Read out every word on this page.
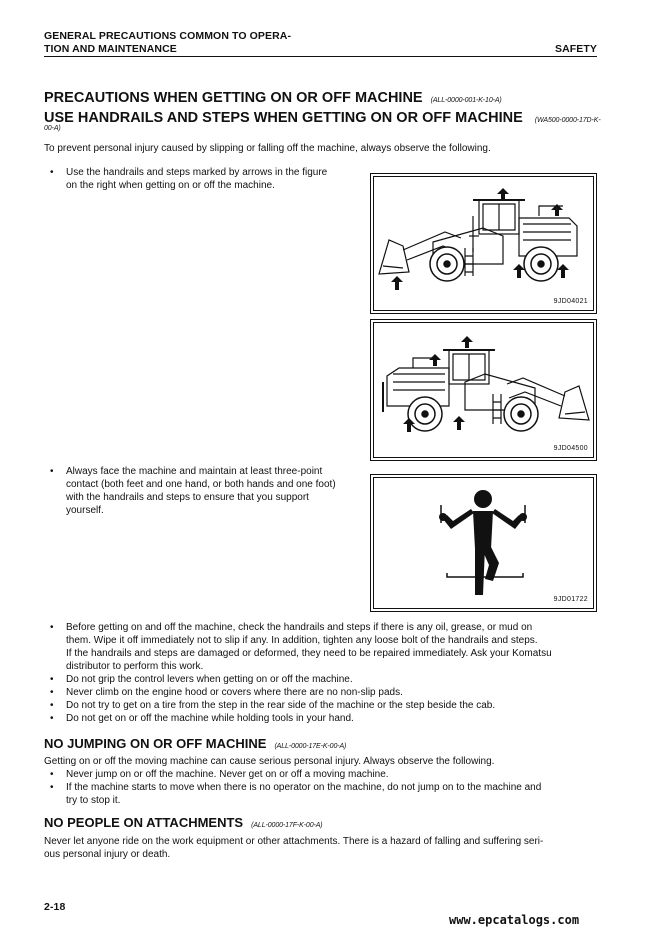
GENERAL PRECAUTIONS COMMON TO OPERA-
TION AND MAINTENANCE	SAFETY
PRECAUTIONS WHEN GETTING ON OR OFF MACHINE (ALL-0000-001-K-10-A)
USE HANDRAILS AND STEPS WHEN GETTING ON OR OFF MACHINE (WA500-0000-17D-K-
00-A)
To prevent personal injury caused by slipping or falling off the machine, always observe the following.
• Use the handrails and steps marked by arrows in the figure
on the right when getting on or off the machine.
9JD04021
9JD04500
• Always face the machine and maintain at least three-point
contact (both feet and one hand, or both hands and one foot)
with the handrails and steps to ensure that you support
yourself.
9JD01722
• Before getting on and off the machine, check the handrails and steps if there is any oil, grease, or mud on
them. Wipe it off immediately not to slip if any. In addition, tighten any loose bolt of the handrails and steps.
If the handrails and steps are damaged or deformed, they need to be repaired immediately. Ask your Komatsu
distributor to perform this work.
• Do not grip the control levers when getting on or off the machine.
• Never climb on the engine hood or covers where there are no non-slip pads.
• Do not try to get on a tire from the step in the rear side of the machine or the step beside the cab.
• Do not get on or off the machine while holding tools in your hand.
NO JUMPING ON OR OFF MACHINE (ALL-0000-17E-K-00-A)
Getting on or off the moving machine can cause serious personal injury. Always observe the following.
• Never jump on or off the machine. Never get on or off a moving machine.
• If the machine starts to move when there is no operator on the machine, do not jump on to the machine and
try to stop it.
NO PEOPLE ON ATTACHMENTS (ALL-0000-17F-K-00-A)
Never let anyone ride on the work equipment or other attachments. There is a hazard of falling and suffering seri-
ous personal injury or death.
2-18
www.epcatalogs.com
